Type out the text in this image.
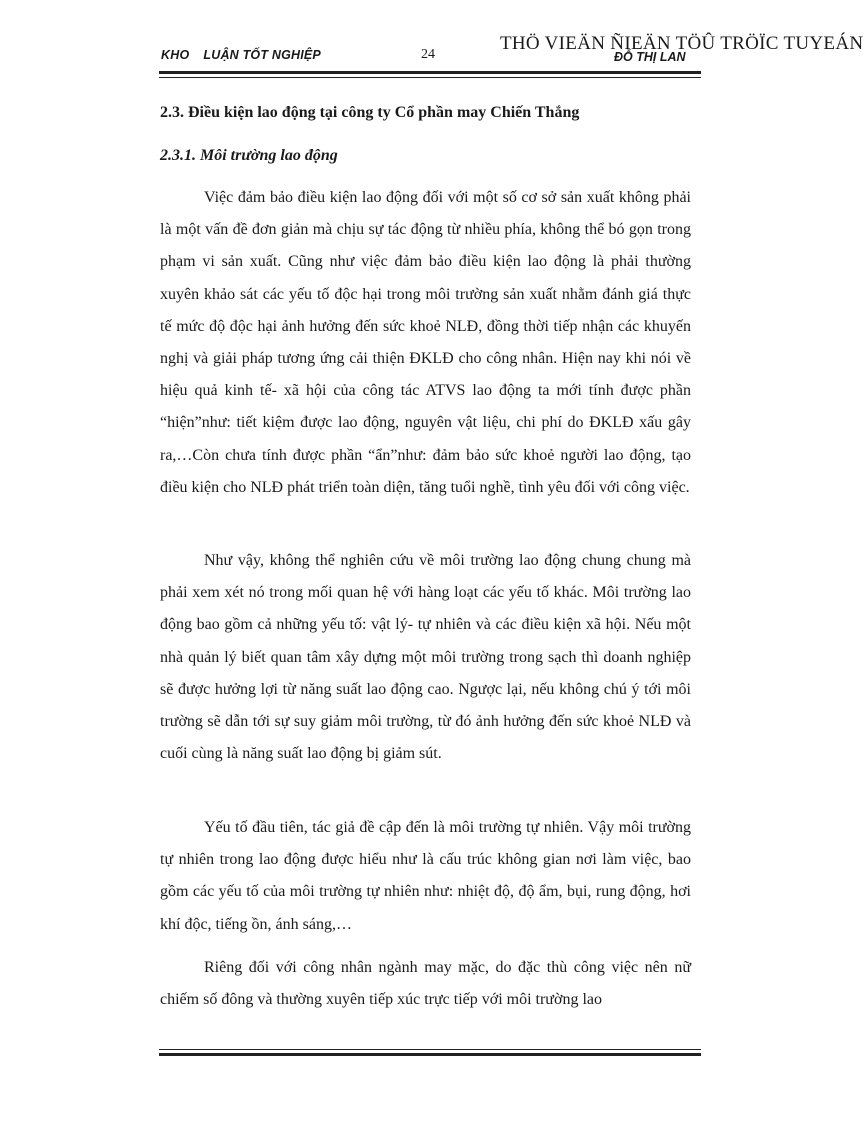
KHO LUẬN TỐT NGHIỆP	24
THÖ VIEÄN ÑIEÄN TÖÛ TRÖÏC TUYEÁN
ĐỖ THỊ LAN
2.3. Điều kiện lao động tại công ty Cổ phần may Chiến Thắng
2.3.1. Môi trường lao động

Việc đảm bảo điều kiện lao động đối với một số cơ sở sản xuất không phải là một vấn đề đơn giản mà chịu sự tác động từ nhiều phía, không thể bó gọn trong phạm vi sản xuất. Cũng như việc đảm bảo điều kiện lao động là phải thường xuyên khảo sát các yếu tố độc hại trong môi trường sản xuất nhằm đánh giá thực tế mức độ độc hại ảnh hưởng đến sức khoẻ NLĐ, đồng thời tiếp nhận các khuyến nghị và giải pháp tương ứng cải thiện ĐKLĐ cho công nhân. Hiện nay khi nói về hiệu quả kinh tế- xã hội của công tác ATVS lao động ta mới tính được phần “hiện”như: tiết kiệm được lao động, nguyên vật liệu, chi phí do ĐKLĐ xấu gây ra,…Còn chưa tính được phần “ẩn”như: đảm bảo sức khoẻ người lao động, tạo điều kiện cho NLĐ phát triển toàn diện, tăng tuổi nghề, tình yêu đối với công việc.

Như vậy, không thể nghiên cứu về môi trường lao động chung chung mà phải xem xét nó trong mối quan hệ với hàng loạt các yếu tố khác. Môi trường lao động bao gồm cả những yếu tố: vật lý- tự nhiên và các điều kiện xã hội. Nếu một nhà quản lý biết quan tâm xây dựng một môi trường trong sạch thì doanh nghiệp sẽ được hưởng lợi từ năng suất lao động cao. Ngược lại, nếu không chú ý tới môi trường sẽ dẫn tới sự suy giảm môi trường, từ đó ảnh hưởng đến sức khoẻ NLĐ và cuối cùng là năng suất lao động bị giảm sút.

Yếu tố đầu tiên, tác giả đề cập đến là môi trường tự nhiên. Vậy môi trường tự nhiên trong lao động được hiểu như là cấu trúc không gian nơi làm việc, bao gồm các yếu tố của môi trường tự nhiên như: nhiệt độ, độ ẩm, bụi, rung động, hơi khí độc, tiếng ồn, ánh sáng,…

Riêng đối với công nhân ngành may mặc, do đặc thù công việc nên nữ chiếm số đông và thường xuyên tiếp xúc trực tiếp với môi trường lao
